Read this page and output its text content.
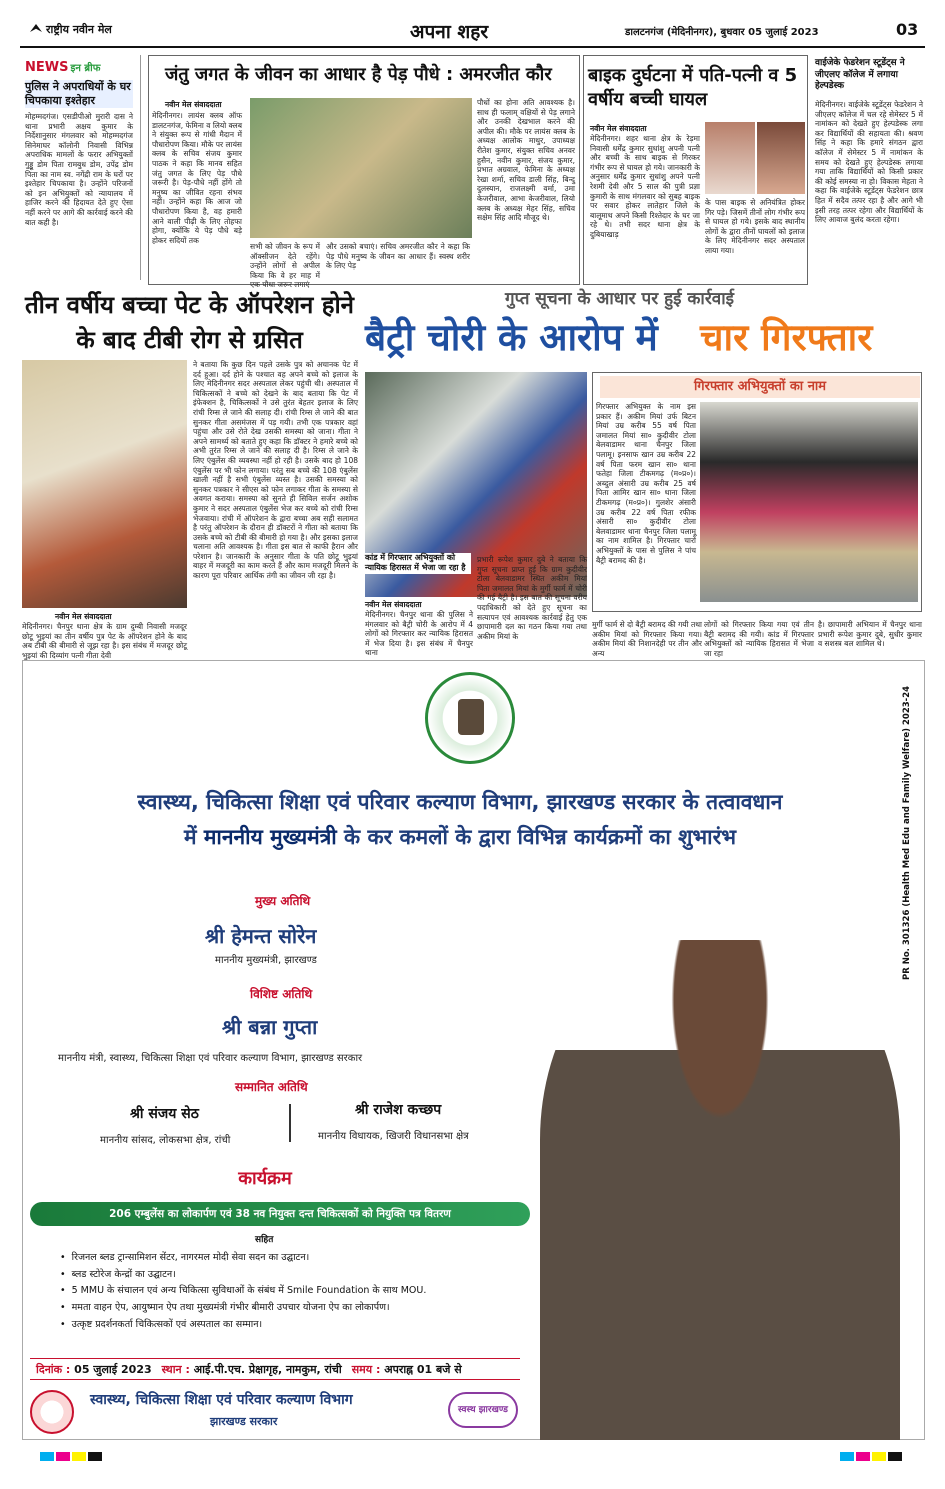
राष्ट्रीय नवीन मेल	अपना शहर	डालटनगंज (मेदिनीनगर), बुधवार 05 जुलाई 2023	03
NEWS इन ब्रीफ
पुलिस ने अपराधियों के घर चिपकाया इश्तेहार
मोहम्मदगंज। एसडीपीओ मुरारी दास ने थाना प्रभारी अक्षय कुमार के निर्देशानुसार मंगलवार को मोहम्मदगंज सिनेमाघर कॉलोनी निवासी विभिन्न अपराधिक मामलों के फरार अभियुक्तों गुड्डू डोम पिता रामबुध डोम, उपेंद्र डोम पिता का नाम स्व. नगेंद्री राम के घरों पर इश्तेहार चिपकाया है। उन्होंने परिजनों को इन अभियुक्तों को न्यायालय में हाजिर करने की हिदायत देते हुए ऐसा नहीं करने पर आगे की कार्रवाई करने की बात कही है।
जंतु जगत के जीवन का आधार है पेड़ पौधे : अमरजीत कौर
नवीन मेल संवाददाता
मेदिनीनगर। लायंस क्लब ऑफ डालटनगंज, फेमिना व लियो क्लब ने संयुक्त रूप से गांधी मैदान में पौधारोपण किया। मौके पर लायंस क्लब के सचिव संजय कुमार पाठक ने कहा कि मानव सहित जंतु जगत के लिए पेड़ पौधे जरूरी है। पेड़-पौधे नहीं होंगे तो मनुष्य का जीवित रहना संभव नहीं। उन्होंने कहा कि आज जो पौधारोपण किया है, वह हमारी आने वाली पीढ़ी के लिए तोहफा होगा, क्योंकि ये पेड़ पौधे बड़े होकर सदियों तक
सभी को जीवन के रूप में ऑक्सीजन देते रहेंगे। उन्होंने लोगों से अपील किया कि वे हर माह में एक पौधा जरूर लगाएं
और उसको बचाएं। सचिव अमरजीत कौर ने कहा कि पेड़ पौधे मनुष्य के जीवन का आधार हैं। स्वस्थ शरीर के लिए पेड़
पौधों का होना अति आवश्यक है। साथ ही फलाम् वक्षियों से पेड़ लगाने और उनकी देखभाल करने की अपील की। मौके पर लायंस क्लब के अध्यक्ष आलोक माथुर, उपाध्यक्ष रीतेश कुमार, संयुक्त सचिव अनवर हुसैन, नवीन कुमार, संजय कुमार, प्रभात अग्रवाल, फेमिना के अध्यक्ष रेखा शर्मा, सचिव डाली सिंह, बिन्दु दुलस्यान, राजलक्ष्मी वर्मा, उमा केजरीवाल, आभा केजरीवाल, लियो क्लब के अध्यक्ष मेहर सिंह, सचिव सक्षेम सिंह आदि मौजूद थे।
बाइक दुर्घटना में पति-पत्नी व 5 वर्षीय बच्ची घायल
नवीन मेल संवाददाता
मेदिनीनगर। शहर थाना क्षेत्र के रेड़मा निवासी धर्मेंद्र कुमार सुधांशु अपनी पत्नी और बच्ची के साथ बाइक से गिरकर गंभीर रूप से घायल हो गये। जानकारी के अनुसार धर्मेंद्र कुमार सुधांशु अपने पत्नी रेशमी देवी और 5 साल की पुत्री प्रज्ञा कुमारी के साथ मंगलवार को सुबह बाइक पर सवार होकर लातेहार जिले के बालूमाथ अपने किसी रिश्तेदार के घर जा रहे थे। तभी सदर थाना क्षेत्र के दुबियाखाड़
के पास बाइक से अनियंत्रित होकर गिर पड़े। जिसमें तीनों लोग गंभीर रूप से घायल हो गये। इसके बाद स्थानीय लोगों के द्वारा तीनों घायलों को इलाज के लिए मेदिनीनगर सदर अस्पताल लाया गया।
वाईजेके फेडरेशन स्टूडेंट्स ने जीएलए कॉलेज में लगाया हेल्पडेस्क
मेदिनीनगर। वाईजेके स्टूडेंट्स फेडरेशन ने जीएलए कॉलेज में चल रहे सेमेस्टर 5 में नामांकन को देखते हुए हेल्पडेस्क लगा कर विद्यार्थियों की सहायता की। श्रवण सिंह ने कहा कि हमारे संगठन द्वारा कॉलेज में सेमेस्टर 5 में नामांकन के समय को देखते हुए हेल्पडेस्क लगाया गया ताकि विद्यार्थियों को किसी प्रकार की कोई समस्या ना हो। विकास मेहता ने कहा कि वाईजेके स्टूडेंट्स फेडरेशन छात्र हित में सदैव तत्पर रहा है और आगे भी इसी तरह तत्पर रहेगा और विद्यार्थियों के लिए आवाज बुलंद करता रहेगा।
तीन वर्षीय बच्चा पेट के ऑपरेशन होने के बाद टीबी रोग से ग्रसित
नवीन मेल संवाददाता
मेदिनीनगर। चैनपुर थाना क्षेत्र के ग्राम दुम्बी निवासी मजदूर छोटू भुइयां का तीन वर्षीय पुत्र पेट के ऑपरेशन होने के बाद अब टीबी की बीमारी से जूझ रहा है। इस संबंध में मजदूर छोटू भुइयां की दिव्यांग पत्नी गीता देवी
ने बताया कि कुछ दिन पहले उसके पुत्र को अचानक पेट में दर्द हुआ। दर्द होने के पश्चात वह अपने बच्चे को इलाज के लिए मेदिनीनगर सदर अस्पताल लेकर पहुंची थी। अस्पताल में चिकित्सकों ने बच्चे को देखने के बाद बताया कि पेट में इंफेक्शन है, चिकित्सकों ने उसे तुरंत बेहतर इलाज के लिए रांची रिम्स ले जाने की सलाह दी। रांची रिम्स ले जाने की बात सुनकर गीता असमंजस में पड़ गयी। तभी एक पत्रकार वहां पहुंचा और उसे रोते देख उसकी समस्या को जाना। गीता ने अपने सामर्थ्य को बताते हुए कहा कि डॉक्टर ने हमारे बच्चे को अभी तुरंत रिम्स ले जाने की सलाह दी है। रिम्स ले जाने के लिए एंबुलेंस की व्यवस्था नहीं हो रही है। उसके बाद हो 108 एंबुलेंस पर भी फोन लगाया। परंतु सब बच्चे की 108 एंबुलेंस खाली नहीं है सभी एंबुलेंस व्यस्त है। उसकी समस्या को सुनकर पत्रकार ने सीएस को फोन लगाकर गीता के समस्या से अवगत कराया। समस्या को सुनते ही सिविल सर्जन अशोक कुमार ने सदर अस्पताल एंबुलेंस भेज कर बच्चे को रांची रिम्स भेजवाया। रांची में ऑपरेशन के द्वारा बच्चा अब सही सलामत है परंतु ऑपरेशन के दौरान ही डॉक्टरों ने गीता को बताया कि उसके बच्चे को टीबी की बीमारी हो गया है। और इसका इलाज चलाना अति आवश्यक है। गीता इस बात से काफी हैरान और परेशान है। जानकारी के अनुसार गीता के पति छोटू भुइयां बाहर में मजदूरी का काम करते हैं और काम मजदूरी मिलने के कारण पूरा परिवार आर्थिक तंगी का जीवन जी रहा है।
गुप्त सूचना के आधार पर हुई कार्रवाई
बैट्री चोरी के आरोप में चार गिरफ्तार
कांड में गिरफ्तार अभियुक्तों को न्यायिक हिरासत में भेजा जा रहा है
नवीन मेल संवाददाता
मेदिनीनगर। चैनपुर थाना की पुलिस ने मंगलवार को बैट्री चोरी के आरोप में 4 लोगों को गिरफ्तार कर न्यायिक हिरासत में भेज दिया है। इस संबंध में चैनपुर थाना
प्रभारी रूपेश कुमार दुबे ने बताया कि गुप्त सूचना प्राप्त हुई कि ग्राम कुदीवीर टोला बेलवाडामर स्थित अकीम मियां पिता जमालत मियां के मुर्गी फार्म में चोरी की गई बैट्री है। इस बात की सूचना वरीय पदाधिकारी को देते हुए सूचना का सत्यापन एवं आवश्यक कार्रवाई हेतु एक छापामारी दल का गठन किया गया तथा अकीम मियां के
गिरफ्तार अभियुक्तों का नाम
गिरफ्तार अभियुक्त के नाम इस प्रकार हैं। अकीम मियां उर्फ बिटन मियां उम्र करीब 55 वर्ष पिता जमालत मियां सा० कुदीवीर टोला बेलवाडामर थाना चैनपुर जिला पलामू। इनसाफ खान उम्र करीब 22 वर्ष पिता फरम खान सा० थाना फतेहा जिला टीकमगढ़ (म०प्र०)। अब्दुल अंसारी उम्र करीब 25 वर्ष पिता आमिर खान सा० थाना जिला टीकमगढ़ (म०प्र०)। गुलशेर अंसारी उम्र करीब 22 वर्ष पिता रफीक अंसारी सा० कुदीवीर टोला बेलवाडामर थाना चैनपुर जिला पलामू का नाम शामिल है। गिरफ्तार चारों अभियुक्तों के पास से पुलिस ने पांच बैट्री बरामद की है।
मुर्गी फार्म से दो बैट्री बरामद की गयी तथा अकीम मियां को गिरफ्तार किया गया। अकीम मियां की निशानदेही पर तीन और अन्य
लोगों को गिरफ्तार किया गया एवं तीन बैट्री बरामद की गयी। कांड में गिरफ्तार अभियुक्तों को न्यायिक हिरासत में भेजा जा रहा
है। छापामारी अभियान में चैनपुर थाना प्रभारी रूपेश कुमार दुबे, सुधीर कुमार व सशस्त्र बल शामिल थे।
स्वास्थ्य, चिकित्सा शिक्षा एवं परिवार कल्याण विभाग, झारखण्ड सरकार के तत्वावधान
में माननीय मुख्यमंत्री के कर कमलों के द्वारा विभिन्न कार्यक्रमों का शुभारंभ
मुख्य अतिथि
श्री हेमन्त सोरेन
माननीय मुख्यमंत्री, झारखण्ड
विशिष्ट अतिथि
श्री बन्ना गुप्ता
माननीय मंत्री, स्वास्थ्य, चिकित्सा शिक्षा एवं परिवार कल्याण विभाग, झारखण्ड सरकार
सम्मानित अतिथि
श्री संजय सेठ
माननीय सांसद, लोकसभा क्षेत्र, रांची
श्री राजेश कच्छप
माननीय विधायक, खिजरी विधानसभा क्षेत्र
कार्यक्रम
206 एम्बुलेंस का लोकार्पण एवं 38 नव नियुक्त दन्त चिकित्सकों को नियुक्ति पत्र वितरण
सहित
• रिजनल ब्लड ट्रान्सामिशन सेंटर, नागरमल मोदी सेवा सदन का उद्घाटन।
• ब्लड स्टोरेज केन्द्रों का उद्घाटन।
• 5 MMU के संचालन एवं अन्य चिकित्सा सुविधाओं के संबंध में Smile Foundation के साथ MOU.
• ममता वाहन ऐप, आयुष्मान ऐप तथा मुख्यमंत्री गंभीर बीमारी उपचार योजना ऐप का लोकार्पण।
• उत्कृष्ट प्रदर्शनकर्ता चिकित्सकों एवं अस्पताल का सम्मान।
दिनांक : 05 जुलाई 2023 स्थान : आई.पी.एच. प्रेक्षागृह, नामकुम, रांची समय : अपराह्न 01 बजे से
स्वास्थ्य, चिकित्सा शिक्षा एवं परिवार कल्याण विभाग
झारखण्ड सरकार
स्वस्थ झारखण्ड
PR No. 301326 (Health Med Edu and Family Welfare) 2023-24
